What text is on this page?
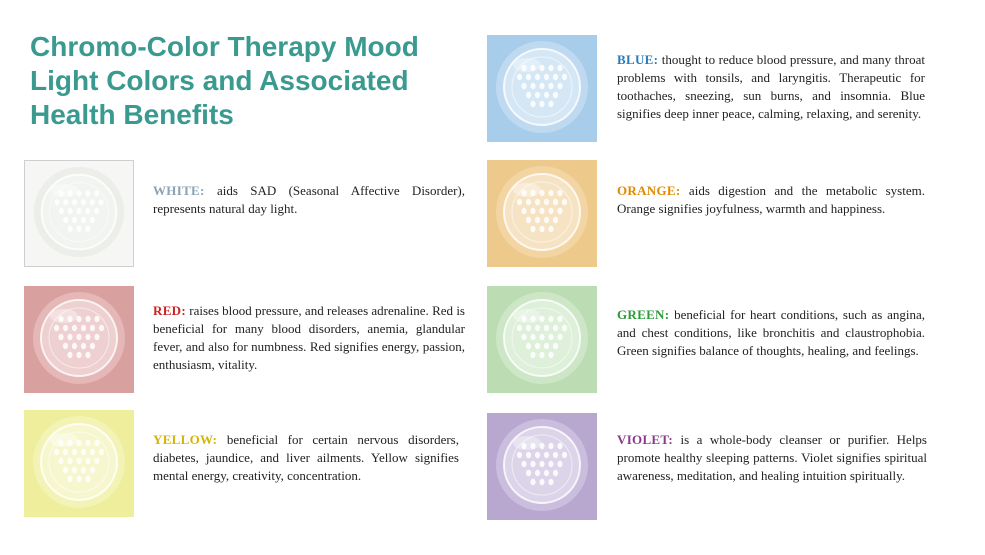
Chromo-Color Therapy Mood Light Colors and Associated Health Benefits

WHITE: aids SAD (Seasonal Affective Disorder), represents natural day light.

RED: raises blood pressure, and releases adrenaline. Red is beneficial for many blood disorders, anemia, glandular fever, and also for numbness. Red signifies energy, passion, enthusiasm, vitality.

YELLOW: beneficial for certain nervous disorders, diabetes, jaundice, and liver ailments. Yellow signifies mental energy, creativity, concentration.

BLUE: thought to reduce blood pressure, and many throat problems with tonsils, and laryngitis. Therapeutic for toothaches, sneezing, sun burns, and insomnia. Blue signifies deep inner peace, calming, relaxing, and serenity.

ORANGE: aids digestion and the metabolic system. Orange signifies joyfulness, warmth and happiness.

GREEN: beneficial for heart conditions, such as angina, and chest conditions, like bronchitis and claustrophobia. Green signifies balance of thoughts, healing, and feelings.

VIOLET: is a whole-body cleanser or purifier. Helps promote healthy sleeping patterns. Violet signifies spiritual awareness, meditation, and healing intuition spiritually.
